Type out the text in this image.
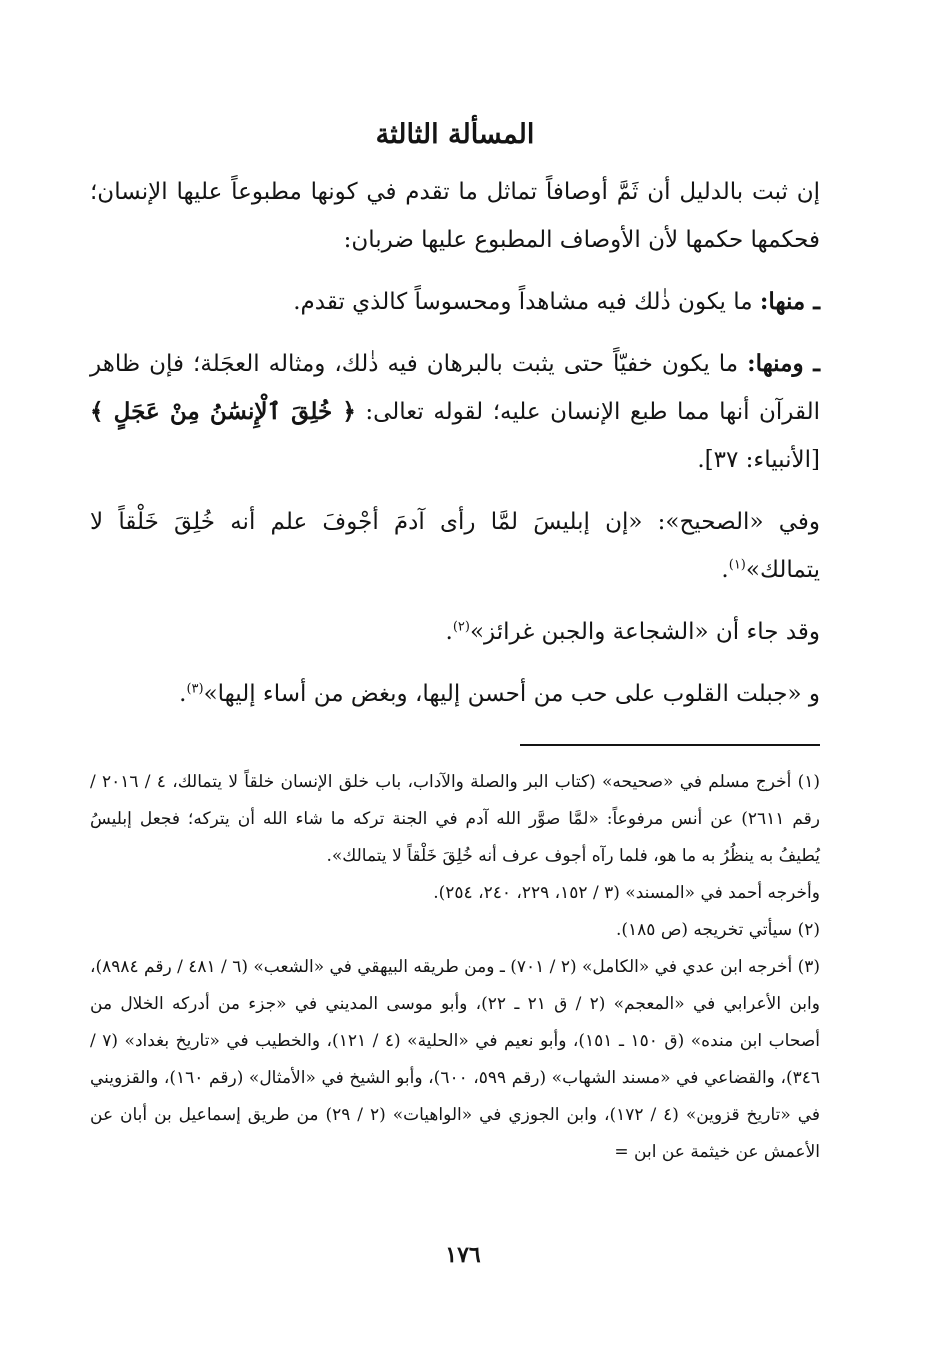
المسألة الثالثة

إن ثبت بالدليل أن ثَمَّ أوصافاً تماثل ما تقدم في كونها مطبوعاً عليها الإنسان؛ فحكمها حكمها لأن الأوصاف المطبوع عليها ضربان:

ـ منها: ما يكون ذٰلك فيه مشاهداً ومحسوساً كالذي تقدم.

ـ ومنها: ما يكون خفيّاً حتى يثبت بالبرهان فيه ذٰلك، ومثاله العجَلة؛ فإن ظاهر القرآن أنها مما طبع الإنسان عليه؛ لقوله تعالى: ﴿ خُلِقَ ٱلْإِنسَٰنُ مِنْ عَجَلٍ ﴾ [الأنبياء: ٣٧].

وفي «الصحيح»: «إن إبليسَ لمَّا رأى آدمَ أجْوفَ علم أنه خُلِقَ خَلْقاً لا يتمالك»$^{(١)}$.

وقد جاء أن «الشجاعة والجبن غرائز»$^{(٢)}$.

و «جبلت القلوب على حب من أحسن إليها، وبغض من أساء إليها»$^{(٣)}$.

(١) أخرج مسلم في «صحيحه» (كتاب البر والصلة والآداب، باب خلق الإنسان خلقاً لا يتمالك، ٤ / ٢٠١٦ / رقم ٢٦١١) عن أنس مرفوعاً: «لمَّا صوَّر الله آدم في الجنة تركه ما شاء الله أن يتركه؛ فجعل إبليسُ يُطيفُ به ينظُرُ به ما هو، فلما رآه أجوف عرف أنه خُلِقَ خَلْقاً لا يتمالك».

وأخرجه أحمد في «المسند» (٣ / ١٥٢، ٢٢٩، ٢٤٠، ٢٥٤).

(٢) سيأتي تخريجه (ص ١٨٥).

(٣) أخرجه ابن عدي في «الكامل» (٢ / ٧٠١) ـ ومن طريقه البيهقي في «الشعب» (٦ / ٤٨١ / رقم ٨٩٨٤)، وابن الأعرابي في «المعجم» (٢ / ق ٢١ ـ ٢٢)، وأبو موسى المديني في «جزء من أدركه الخلال من أصحاب ابن منده» (ق ١٥٠ ـ ١٥١)، وأبو نعيم في «الحلية» (٤ / ١٢١)، والخطيب في «تاريخ بغداد» (٧ / ٣٤٦)، والقضاعي في «مسند الشهاب» (رقم ٥٩٩، ٦٠٠)، وأبو الشيخ في «الأمثال» (رقم ١٦٠)، والقزويني في «تاريخ قزوين» (٤ / ١٧٢)، وابن الجوزي في «الواهيات» (٢ / ٢٩) من طريق إسماعيل بن أبان عن الأعمش عن خيثمة عن ابن =

١٧٦
